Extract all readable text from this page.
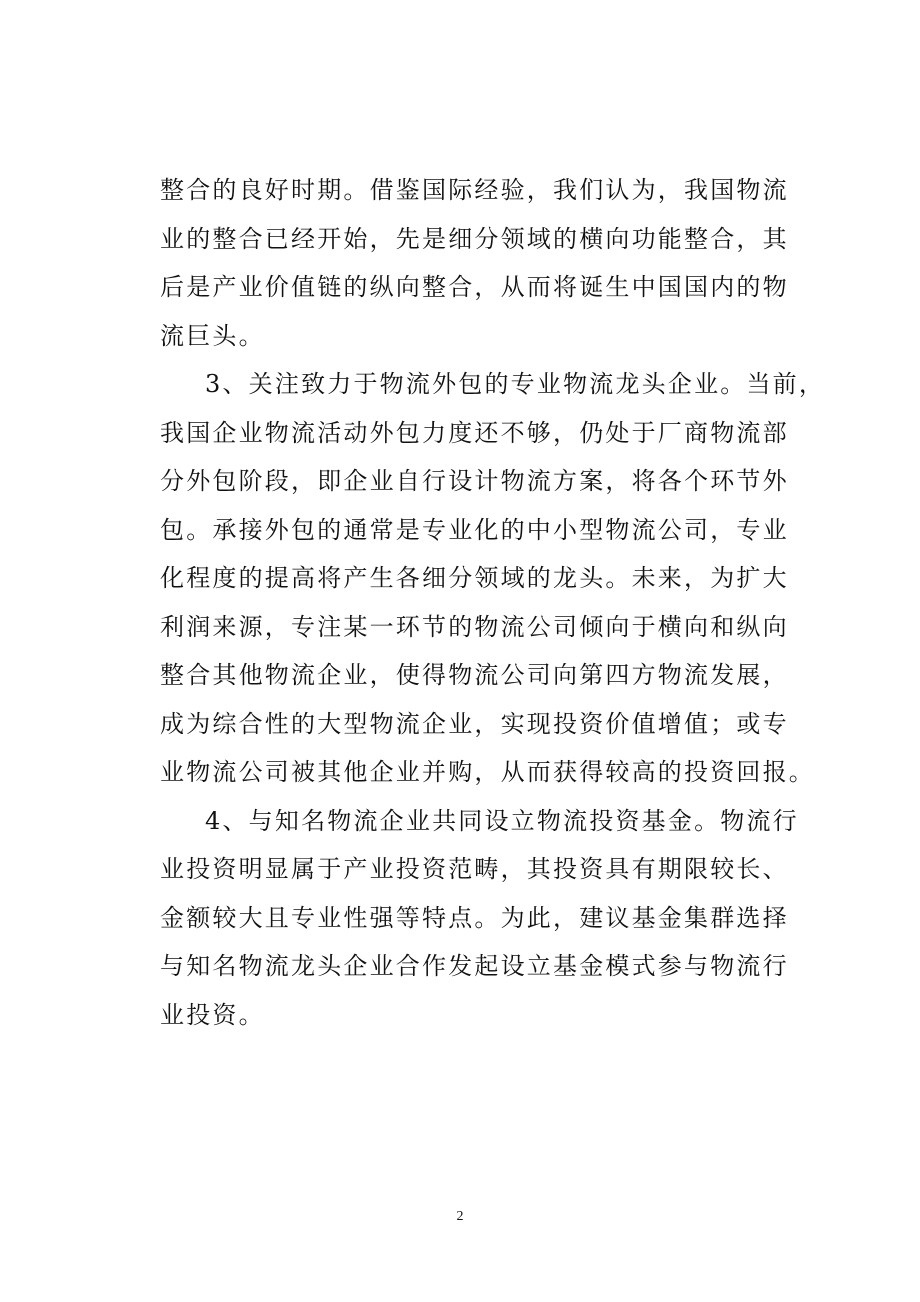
整合的良好时期。借鉴国际经验，我们认为，我国物流
业的整合已经开始，先是细分领域的横向功能整合，其
后是产业价值链的纵向整合，从而将诞生中国国内的物
流巨头。
3、关注致力于物流外包的专业物流龙头企业。当前，
我国企业物流活动外包力度还不够，仍处于厂商物流部
分外包阶段，即企业自行设计物流方案，将各个环节外
包。承接外包的通常是专业化的中小型物流公司，专业
化程度的提高将产生各细分领域的龙头。未来，为扩大
利润来源，专注某一环节的物流公司倾向于横向和纵向
整合其他物流企业，使得物流公司向第四方物流发展，
成为综合性的大型物流企业，实现投资价值增值；或专
业物流公司被其他企业并购，从而获得较高的投资回报。
4、与知名物流企业共同设立物流投资基金。物流行
业投资明显属于产业投资范畴，其投资具有期限较长、
金额较大且专业性强等特点。为此，建议基金集群选择
与知名物流龙头企业合作发起设立基金模式参与物流行
业投资。
2
